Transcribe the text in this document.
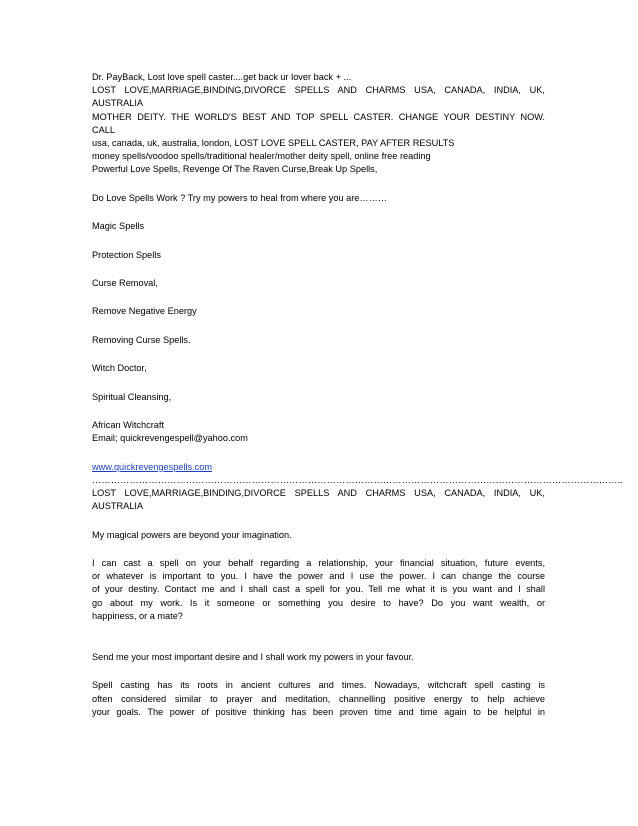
Dr. PayBack, Lost love spell caster....get back ur lover back + ...
LOST LOVE,MARRIAGE,BINDING,DIVORCE SPELLS AND CHARMS USA, CANADA, INDIA, UK,
AUSTRALIA
MOTHER DEITY. THE WORLD'S BEST AND TOP SPELL CASTER. CHANGE YOUR DESTINY NOW.
CALL
usa, canada, uk, australia, london, LOST LOVE SPELL CASTER, PAY AFTER RESULTS
money spells/voodoo spells/traditional healer/mother deity spell, online free reading
Powerful Love Spells, Revenge Of The Raven Curse,Break Up Spells,
Do Love Spells Work ? Try my powers to heal from where you are………
Magic Spells
Protection Spells
Curse Removal,
Remove Negative Energy
Removing Curse Spells.
Witch Doctor,
Spiritual Cleansing,
African Witchcraft
Email; quickrevengespell@yahoo.com
www.quickrevengespells.com
……………………………………………………………………………………………………………………………………………………..
LOST LOVE,MARRIAGE,BINDING,DIVORCE SPELLS AND CHARMS USA, CANADA, INDIA, UK,
AUSTRALIA
My magical powers are beyond your imagination.
I can cast a spell on your behalf regarding a relationship, your financial situation, future events,
or whatever is important to you. I have the power and I use the power. I can change the course
of your destiny. Contact me and I shall cast a spell for you. Tell me what it is you want and I shall
go about my work. Is it someone or something you desire to have? Do you want wealth, or
happiness, or a mate?
Send me your most important desire and I shall work my powers in your favour.
Spell casting has its roots in ancient cultures and times. Nowadays, witchcraft spell casting is
often considered similar to prayer and meditation, channelling positive energy to help achieve
your goals. The power of positive thinking has been proven time and time again to be helpful in
